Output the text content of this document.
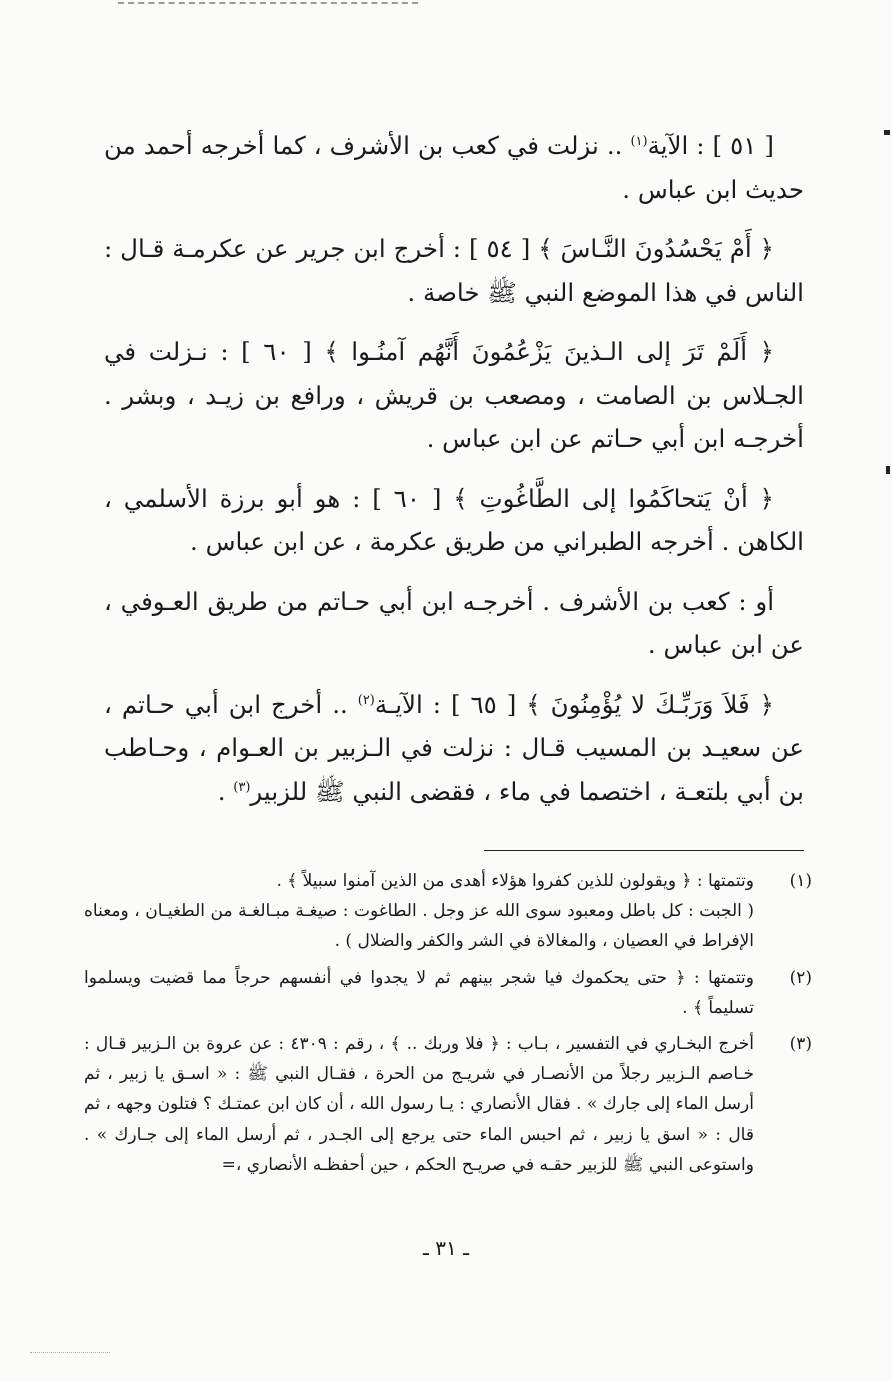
[ ٥١ ] : الآية$^{(١)}$ .. نزلت في كعب بن الأشرف ، كما أخرجه أحمد من حديث ابن عباس .

﴿ أَمْ يَحْسُدُونَ النَّـاسَ ﴾ [ ٥٤ ] : أخرج ابن جرير عن عكرمـة قـال : الناس في هذا الموضع النبي ﷺ خاصة .

﴿ أَلَمْ تَرَ إلى الـذينَ يَزْعُمُونَ أَنَّهُم آمنُـوا ﴾ [ ٦٠ ] : نـزلت في الجـلاس بن الصامت ، ومصعب بن قريش ، ورافع بن زيـد ، وبشر . أخرجـه ابن أبي حـاتم عن ابن عباس .

﴿ أنْ يَتحاكَمُوا إلى الطَّاغُوتِ ﴾ [ ٦٠ ] : هو أبو برزة الأسلمي ، الكاهن . أخرجه الطبراني من طريق عكرمة ، عن ابن عباس .

أو : كعب بن الأشرف . أخرجـه ابن أبي حـاتم من طريق العـوفي ، عن ابن عباس .

﴿ فَلاَ وَرَبِّـكَ لا يُؤْمِنُونَ ﴾ [ ٦٥ ] : الآيـة$^{(٢)}$ .. أخرج ابن أبي حـاتم ، عن سعيـد بن المسيب قـال : نزلت في الـزبير بن العـوام ، وحـاطب بن أبي بلتعـة ، اختصما في ماء ، فقضى النبي ﷺ للزبير$^{(٣)}$ .

(١)

وتتمتها : ﴿ ويقولون للذين كفروا هؤلاء أهدى من الذين آمنوا سبيلاً ﴾ .

( الجبت : كل باطل ومعبود سوى الله عز وجل . الطاغوت : صيغـة مبـالغـة من الطغيـان ، ومعناه الإفراط في العصيان ، والمغالاة في الشر والكفر والضلال ) .

(٢)

وتتمتها : ﴿ حتى يحكموك فيا شجر بينهم ثم لا يجدوا في أنفسهم حرجاً مما قضيت ويسلموا تسليماً ﴾ .

(٣)

أخرج البخـاري في التفسير ، بـاب : ﴿ فلا وربك .. ﴾ ، رقم : ٤٣٠٩ : عن عروة بن الـزبير قـال : خـاصم الـزبير رجلاً من الأنصـار في شريـج من الحرة ، فقـال النبي ﷺ : « اسـق يا زبير ، ثم أرسل الماء إلى جارك » . فقال الأنصاري : يـا رسول الله ، أن كان ابن عمتـك ؟ فتلون وجهه ، ثم قال : « اسق يا زبير ، ثم احبس الماء حتى يرجع إلى الجـدر ، ثم أرسل الماء إلى جـارك » . واستوعى النبي ﷺ للزبير حقـه في صريـح الحكم ، حين أحفظـه الأنصاري ،=

ـ ٣١ ـ
